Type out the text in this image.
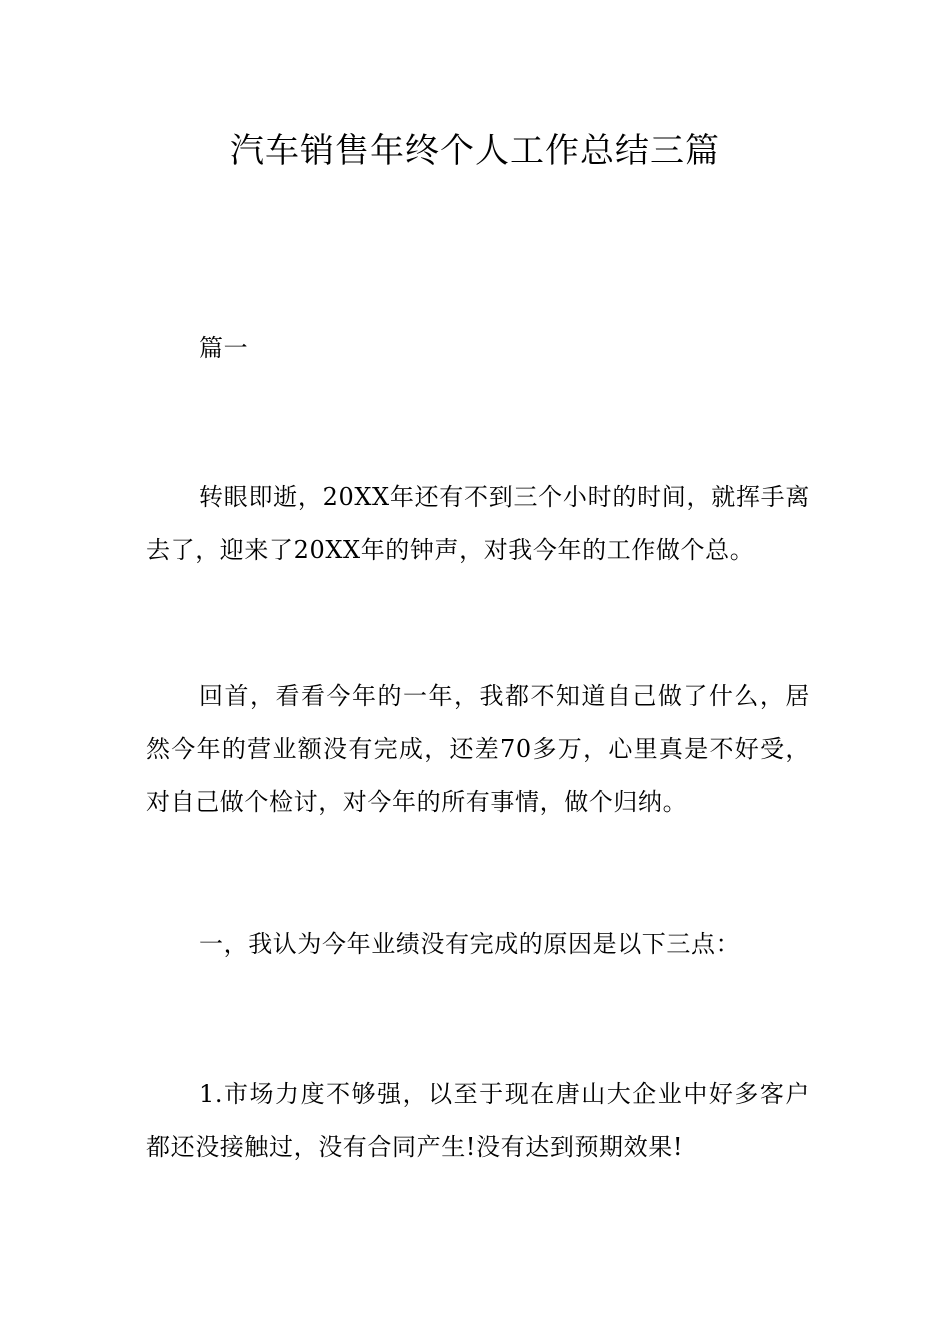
汽车销售年终个人工作总结三篇

篇一

转眼即逝，20XX年还有不到三个小时的时间，就挥手离去了，迎来了20XX年的钟声，对我今年的工作做个总。

回首，看看今年的一年，我都不知道自己做了什么，居然今年的营业额没有完成，还差70多万，心里真是不好受，对自己做个检讨，对今年的所有事情，做个归纳。

一，我认为今年业绩没有完成的原因是以下三点：

1.市场力度不够强，以至于现在唐山大企业中好多客户都还没接触过，没有合同产生!没有达到预期效果!
